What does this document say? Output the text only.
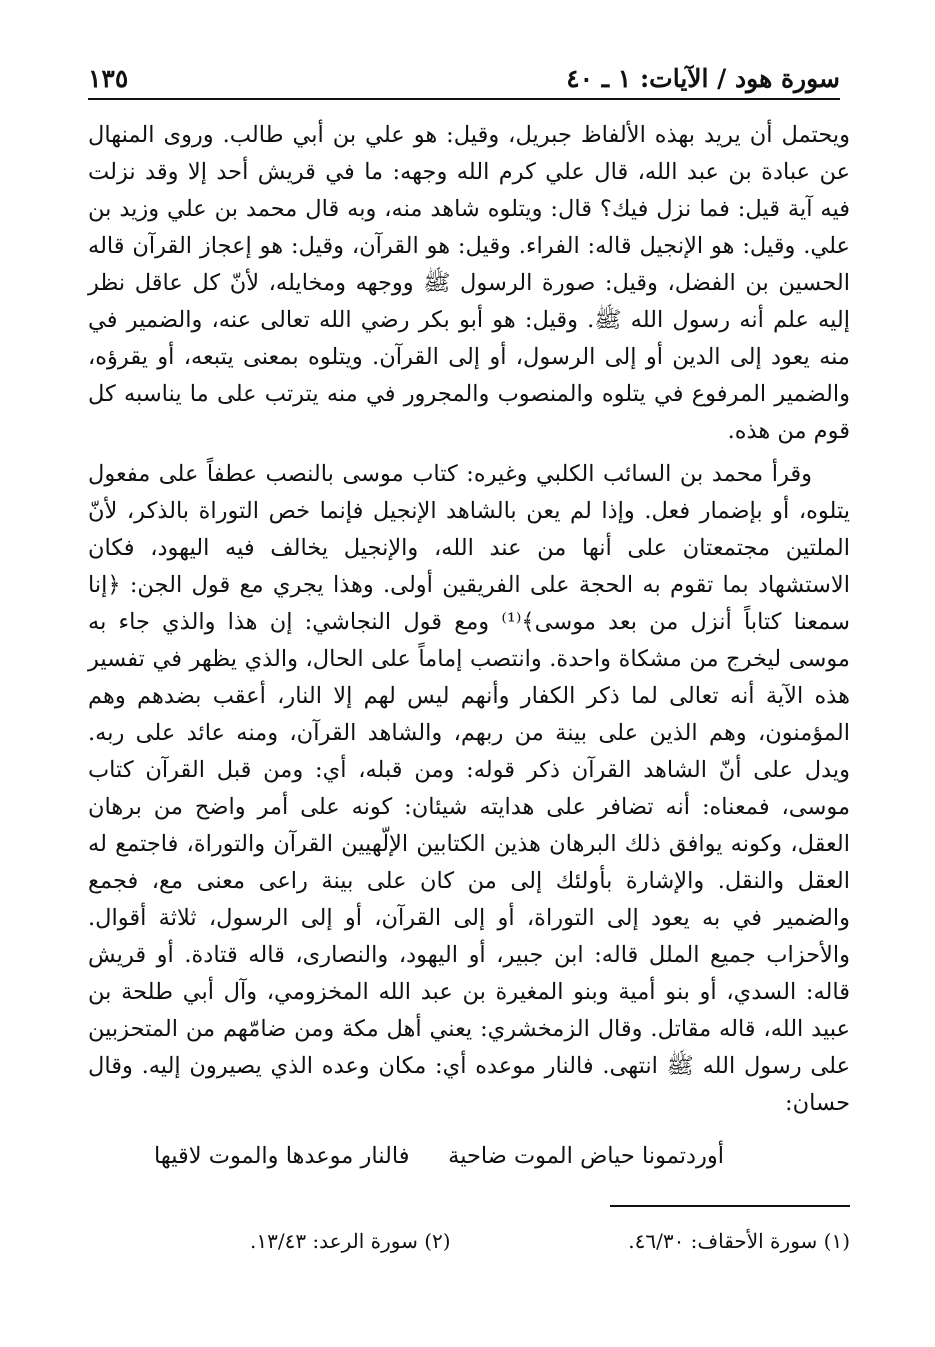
سورة هود / الآيات: ١ ـ ٤٠
١٣٥

ويحتمل أن يريد بهذه الألفاظ جبريل، وقيل: هو علي بن أبي طالب. وروى المنهال عن عبادة بن عبد الله، قال علي كرم الله وجهه: ما في قريش أحد إلا وقد نزلت فيه آية قيل: فما نزل فيك؟ قال: ويتلوه شاهد منه، وبه قال محمد بن علي وزيد بن علي. وقيل: هو الإنجيل قاله: الفراء. وقيل: هو القرآن، وقيل: هو إعجاز القرآن قاله الحسين بن الفضل، وقيل: صورة الرسول ﷺ ووجهه ومخايله، لأنّ كل عاقل نظر إليه علم أنه رسول الله ﷺ. وقيل: هو أبو بكر رضي الله تعالى عنه، والضمير في منه يعود إلى الدين أو إلى الرسول، أو إلى القرآن. ويتلوه بمعنى يتبعه، أو يقرؤه، والضمير المرفوع في يتلوه والمنصوب والمجرور في منه يترتب على ما يناسبه كل قوم من هذه.

وقرأ محمد بن السائب الكلبي وغيره: كتاب موسى بالنصب عطفاً على مفعول يتلوه، أو بإضمار فعل. وإذا لم يعن بالشاهد الإنجيل فإنما خص التوراة بالذكر، لأنّ الملتين مجتمعتان على أنها من عند الله، والإنجيل يخالف فيه اليهود، فكان الاستشهاد بما تقوم به الحجة على الفريقين أولى. وهذا يجري مع قول الجن: ﴿إنا سمعنا كتاباً أنزل من بعد موسى﴾⁽¹⁾ ومع قول النجاشي: إن هذا والذي جاء به موسى ليخرج من مشكاة واحدة. وانتصب إماماً على الحال، والذي يظهر في تفسير هذه الآية أنه تعالى لما ذكر الكفار وأنهم ليس لهم إلا النار، أعقب بضدهم وهم المؤمنون، وهم الذين على بينة من ربهم، والشاهد القرآن، ومنه عائد على ربه. ويدل على أنّ الشاهد القرآن ذكر قوله: ومن قبله، أي: ومن قبل القرآن كتاب موسى، فمعناه: أنه تضافر على هدايته شيئان: كونه على أمر واضح من برهان العقل، وكونه يوافق ذلك البرهان هذين الكتابين الإلّهيين القرآن والتوراة، فاجتمع له العقل والنقل. والإشارة بأولئك إلى من كان على بينة راعى معنى مع، فجمع والضمير في به يعود إلى التوراة، أو إلى القرآن، أو إلى الرسول، ثلاثة أقوال. والأحزاب جميع الملل قاله: ابن جبير، أو اليهود، والنصارى، قاله قتادة. أو قريش قاله: السدي، أو بنو أمية وبنو المغيرة بن عبد الله المخزومي، وآل أبي طلحة بن عبيد الله، قاله مقاتل. وقال الزمخشري: يعني أهل مكة ومن ضامّهم من المتحزبين على رسول الله ﷺ انتهى. فالنار موعده أي: مكان وعده الذي يصيرون إليه. وقال حسان:

أوردتمونا حياض الموت ضاحية
فالنار موعدها والموت لاقيها
(١) سورة الأحقاف: ٤٦/٣٠.
(٢) سورة الرعد: ١٣/٤٣.
